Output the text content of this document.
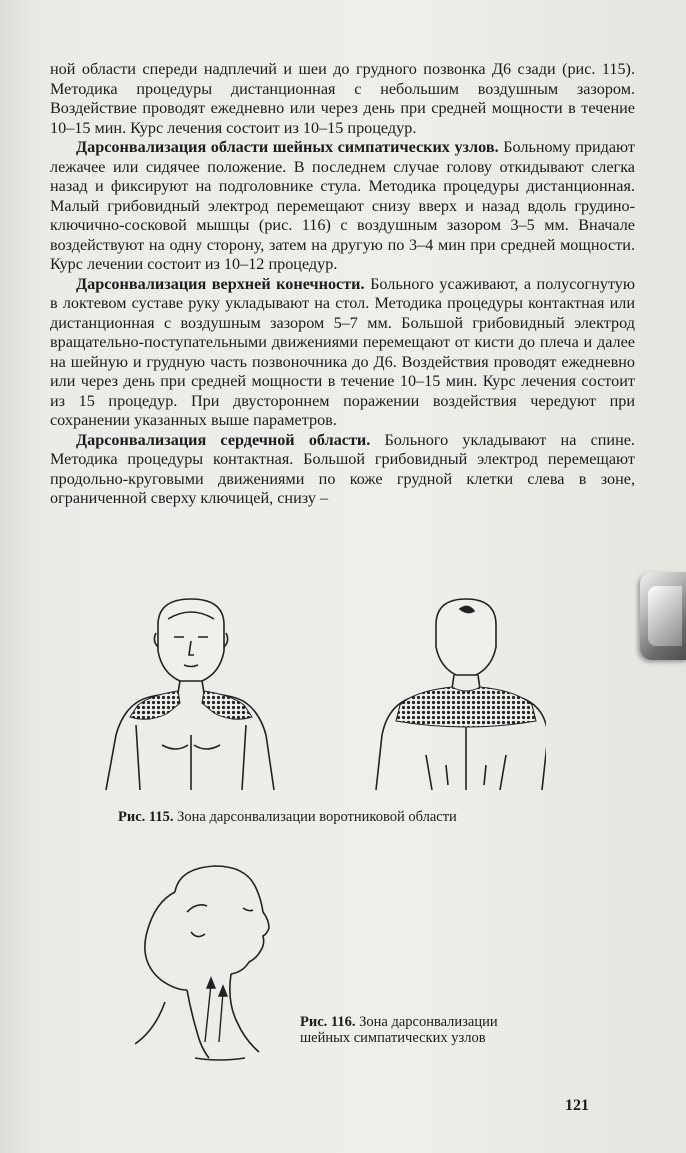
ной области спереди надплечий и шеи до грудного позвонка Д6 сзади (рис. 115). Методика процедуры дистанционная с небольшим воздушным зазором. Воздействие проводят ежедневно или через день при средней мощности в течение 10–15 мин. Курс лечения состоит из 10–15 процедур.

Дарсонвализация области шейных симпатических узлов. Больному придают лежачее или сидячее положение. В последнем случае голову откидывают слегка назад и фиксируют на подголовнике стула. Методика процедуры дистанционная. Малый грибовидный электрод перемещают снизу вверх и назад вдоль грудино-ключично-сосковой мышцы (рис. 116) с воздушным зазором 3–5 мм. Вначале воздействуют на одну сторону, затем на другую по 3–4 мин при средней мощности. Курс лечении состоит из 10–12 процедур.

Дарсонвализация верхней конечности. Больного усаживают, а полусогнутую в локтевом суставе руку укладывают на стол. Методика процедуры контактная или дистанционная с воздушным зазором 5–7 мм. Большой грибовидный электрод вращательно-поступательными движениями перемещают от кисти до плеча и далее на шейную и грудную часть позвоночника до Д6. Воздействия проводят ежедневно или через день при средней мощности в течение 10–15 мин. Курс лечения состоит из 15 процедур. При двустороннем поражении воздействия чередуют при сохранении указанных выше параметров.

Дарсонвализация сердечной области. Больного укладывают на спине. Методика процедуры контактная. Большой грибовидный электрод перемещают продольно-круговыми движениями по коже грудной клетки слева в зоне, ограниченной сверху ключицей, снизу –

Рис. 115. Зона дарсонвализации воротниковой области
Рис. 116. Зона дарсонвализации шейных симпатических узлов
121
